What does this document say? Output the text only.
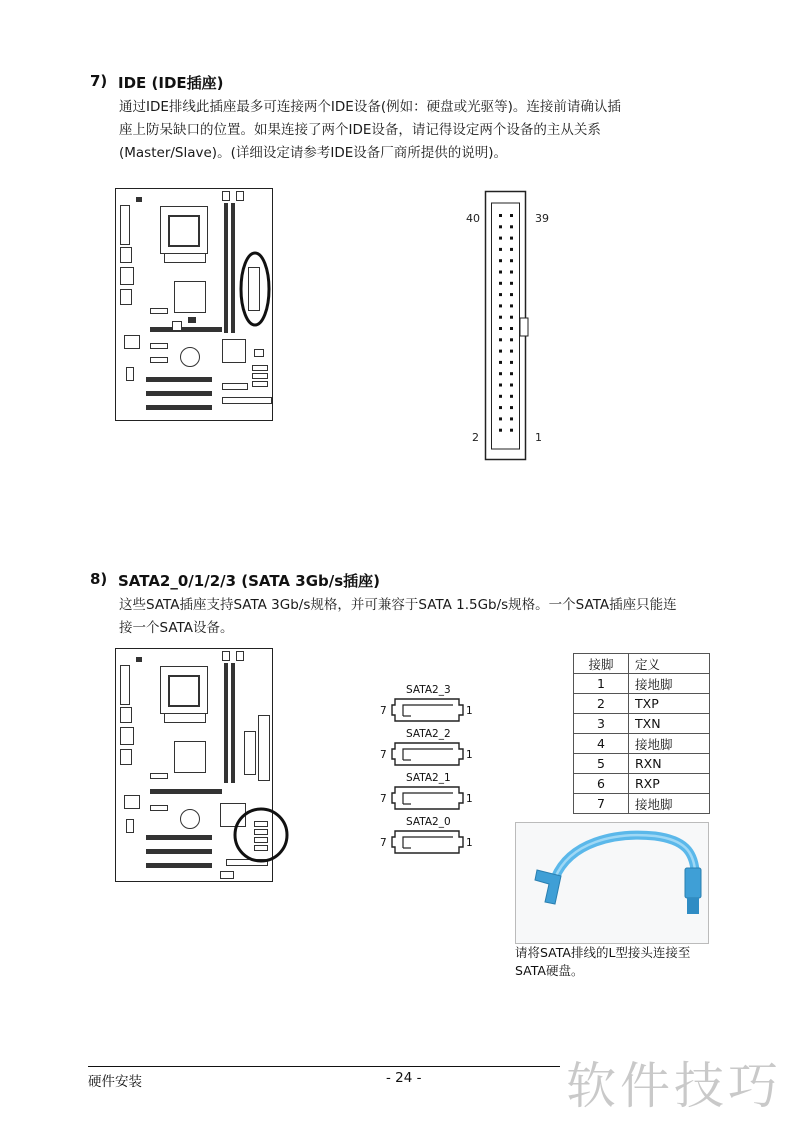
7) IDE (IDE插座)
通过IDE排线此插座最多可连接两个IDE设备(例如：硬盘或光驱等)。连接前请确认插
座上防呆缺口的位置。如果连接了两个IDE设备，请记得设定两个设备的主从关系
(Master/Slave)。(详细设定请参考IDE设备厂商所提供的说明)。
40	39
2	1
8) SATA2_0/1/2/3 (SATA 3Gb/s插座)
这些SATA插座支持SATA 3Gb/s规格，并可兼容于SATA 1.5Gb/s规格。一个SATA插座只能连
接一个SATA设备。
SATA2_3
7	1
SATA2_2
7	1
SATA2_1
7	1
SATA2_0
7	1
接脚	定义
1	接地脚
2	TXP
3	TXN
4	接地脚
5	RXN
6	RXP
7	接地脚
请将SATA排线的L型接头连接至
SATA硬盘。
硬件安装	- 24 -	软件技巧
